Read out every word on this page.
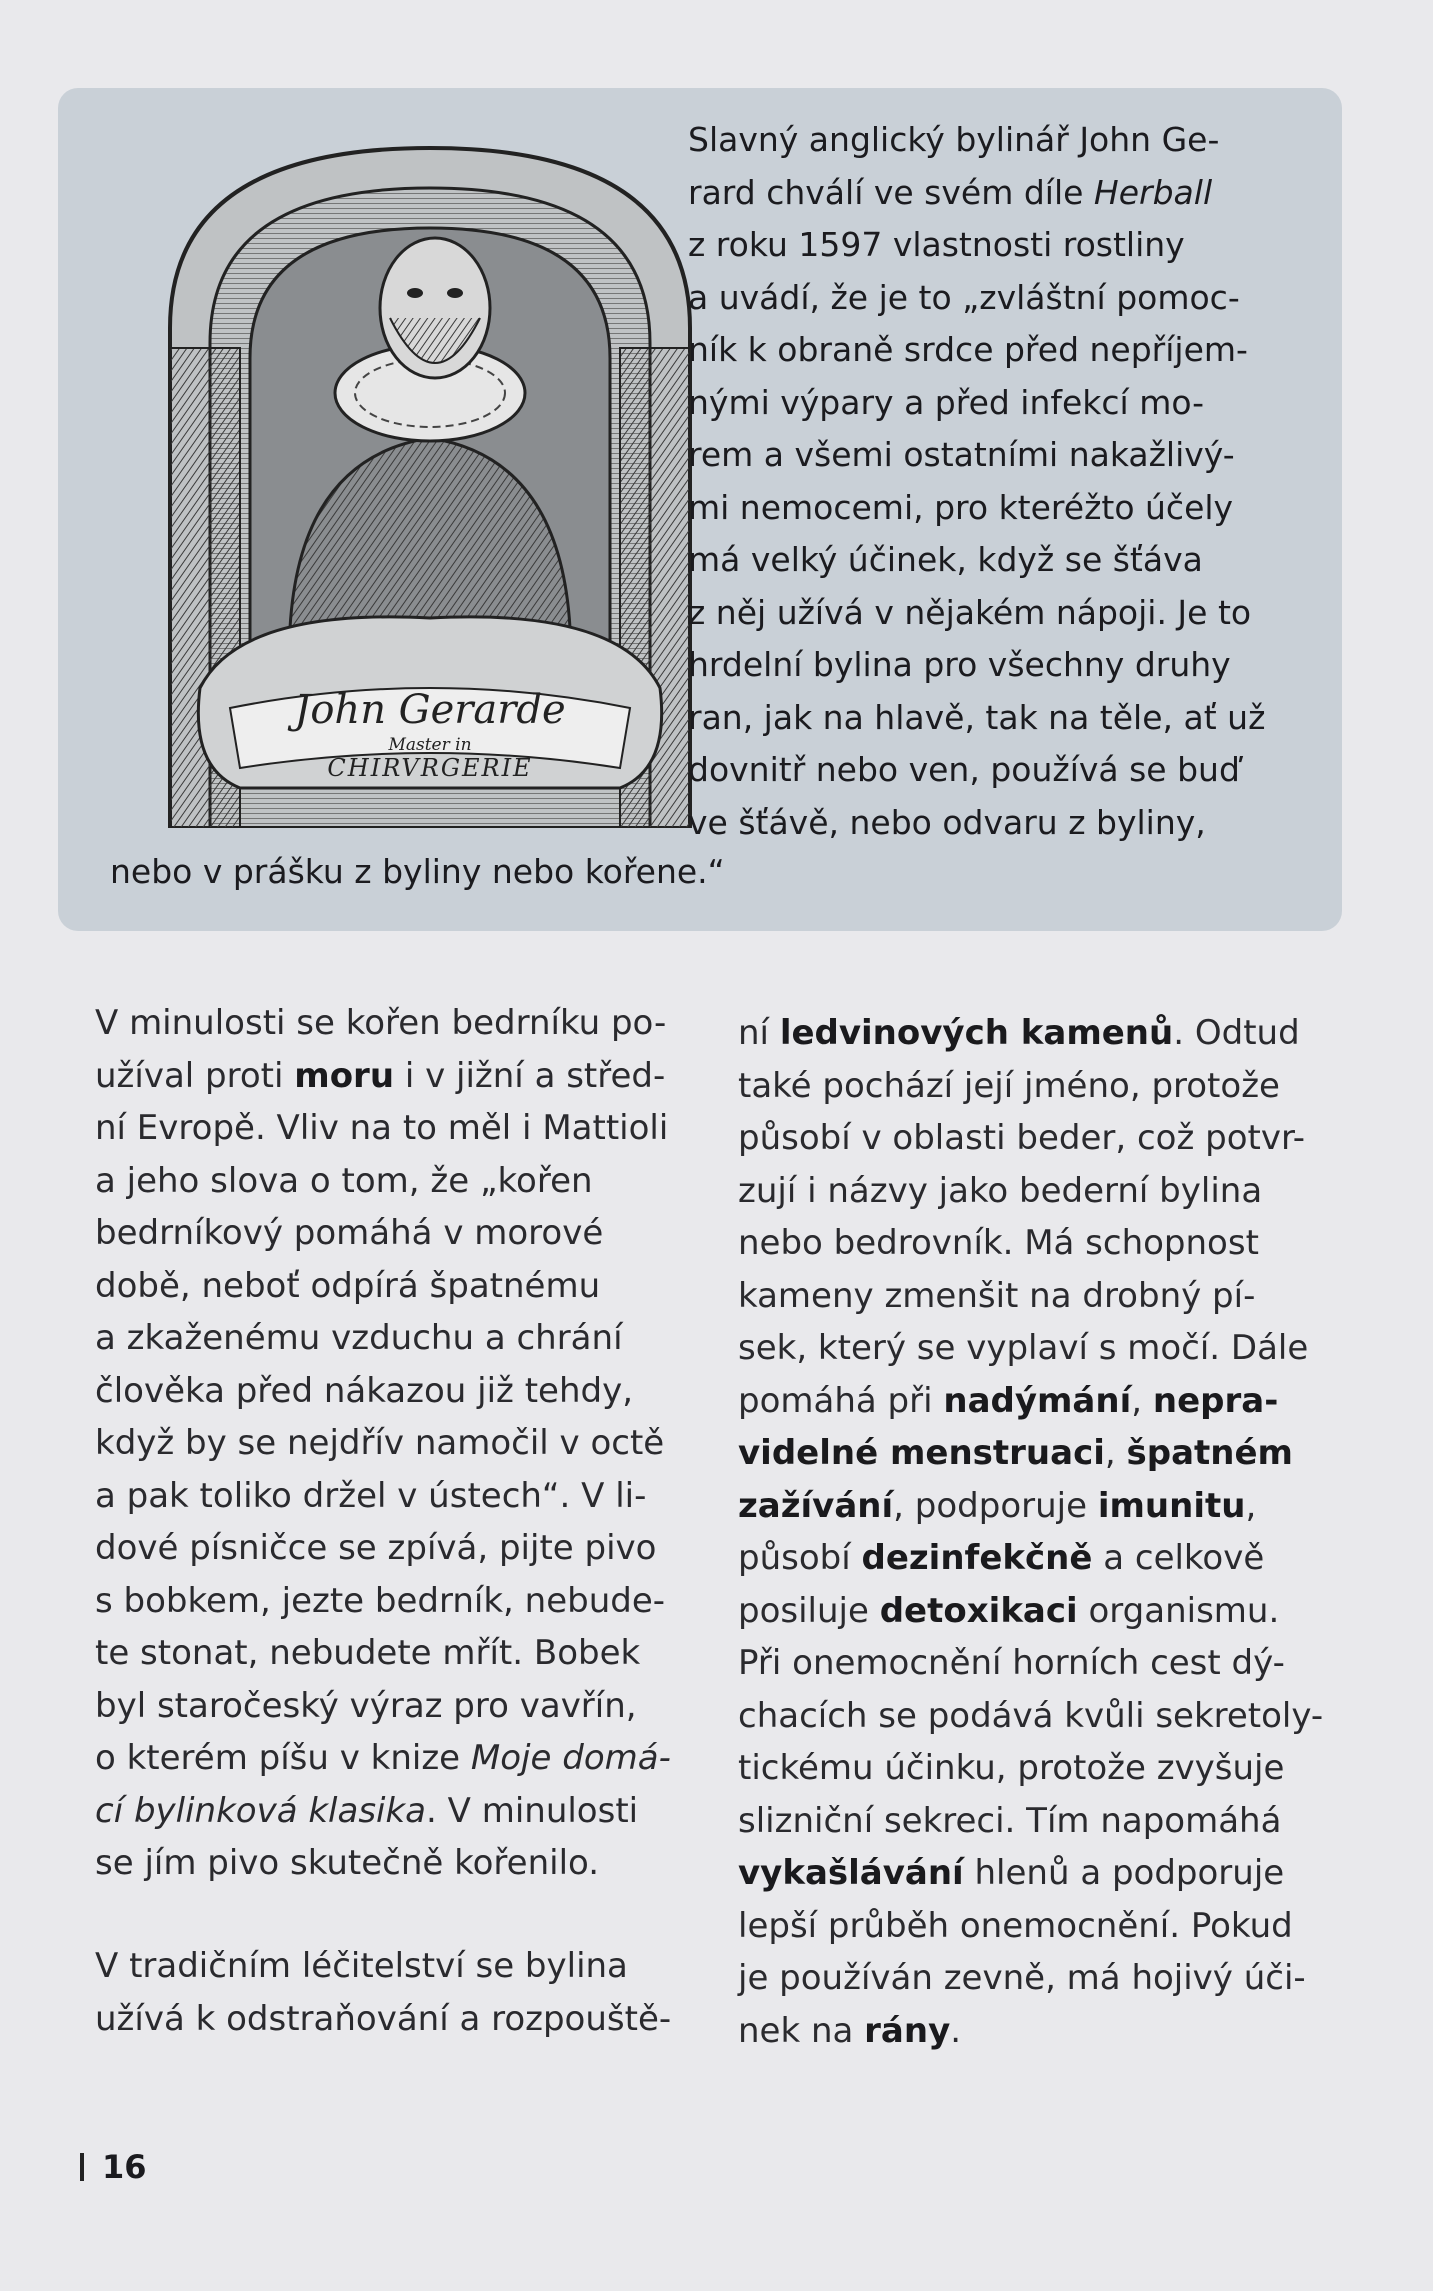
John Gerarde
Master in
CHIRVRGERIE
Slavný anglický bylinář John Ge-
rard chválí ve svém díle Herball
z roku 1597 vlastnosti rostliny
a uvádí, že je to „zvláštní pomoc-
ník k obraně srdce před nepříjem-
nými výpary a před infekcí mo-
rem a všemi ostatními nakažlivý-
mi nemocemi, pro kteréžto účely
má velký účinek, když se šťáva
z něj užívá v nějakém nápoji. Je to
hrdelní bylina pro všechny druhy
ran, jak na hlavě, tak na těle, ať už
dovnitř nebo ven, používá se buď
ve šťávě, nebo odvaru z byliny,
nebo v prášku z byliny nebo kořene.“
V minulosti se kořen bedrníku po-
užíval proti moru i v jižní a střed-
ní Evropě. Vliv na to měl i Mattioli
a jeho slova o tom, že „kořen
bedrníkový pomáhá v morové
době, neboť odpírá špatnému
a zkaženému vzduchu a chrání
člověka před nákazou již tehdy,
když by se nejdřív namočil v octě
a pak toliko držel v ústech“. V li-
dové písničce se zpívá, pijte pivo
s bobkem, jezte bedrník, nebude-
te stonat, nebudete mřít. Bobek
byl staročeský výraz pro vavřín,
o kterém píšu v knize Moje domá-
cí bylinková klasika. V minulosti
se jím pivo skutečně kořenilo.
V tradičním léčitelství se bylina
užívá k odstraňování a rozpouště-
ní ledvinových kamenů. Odtud
také pochází její jméno, protože
působí v oblasti beder, což potvr-
zují i názvy jako bederní bylina
nebo bedrovník. Má schopnost
kameny zmenšit na drobný pí-
sek, který se vyplaví s močí. Dále
pomáhá při nadýmání, nepra-
videlné menstruaci, špatném
zažívání, podporuje imunitu,
působí dezinfekčně a celkově
posiluje detoxikaci organismu.
Při onemocnění horních cest dý-
chacích se podává kvůli sekretoly-
tickému účinku, protože zvyšuje
slizniční sekreci. Tím napomáhá
vykašlávání hlenů a podporuje
lepší průběh onemocnění. Pokud
je používán zevně, má hojivý úči-
nek na rány.
16
